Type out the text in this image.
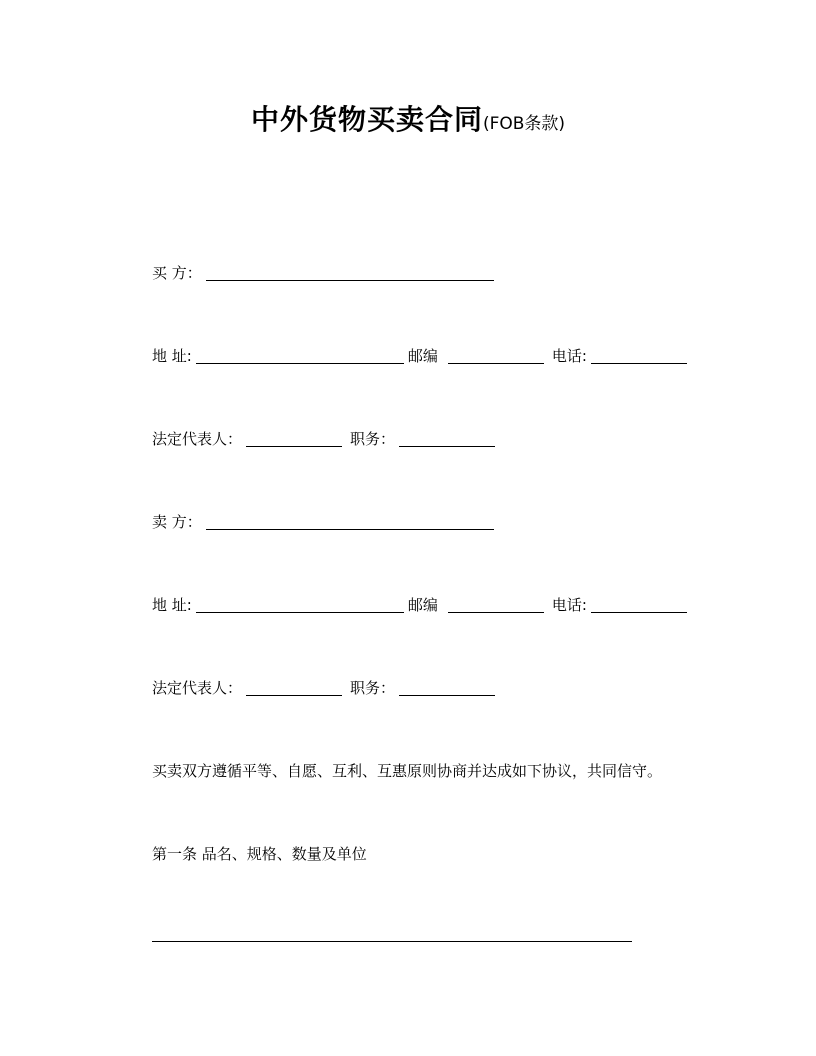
中外货物买卖合同(FOB条款)
买 方：
地 址:	邮编	电话:
法定代表人：	职务：
卖 方：
地 址:	邮编	电话:
法定代表人：	职务：
买卖双方遵循平等、自愿、互利、互惠原则协商并达成如下协议，共同信守。
第一条 品名、规格、数量及单位
